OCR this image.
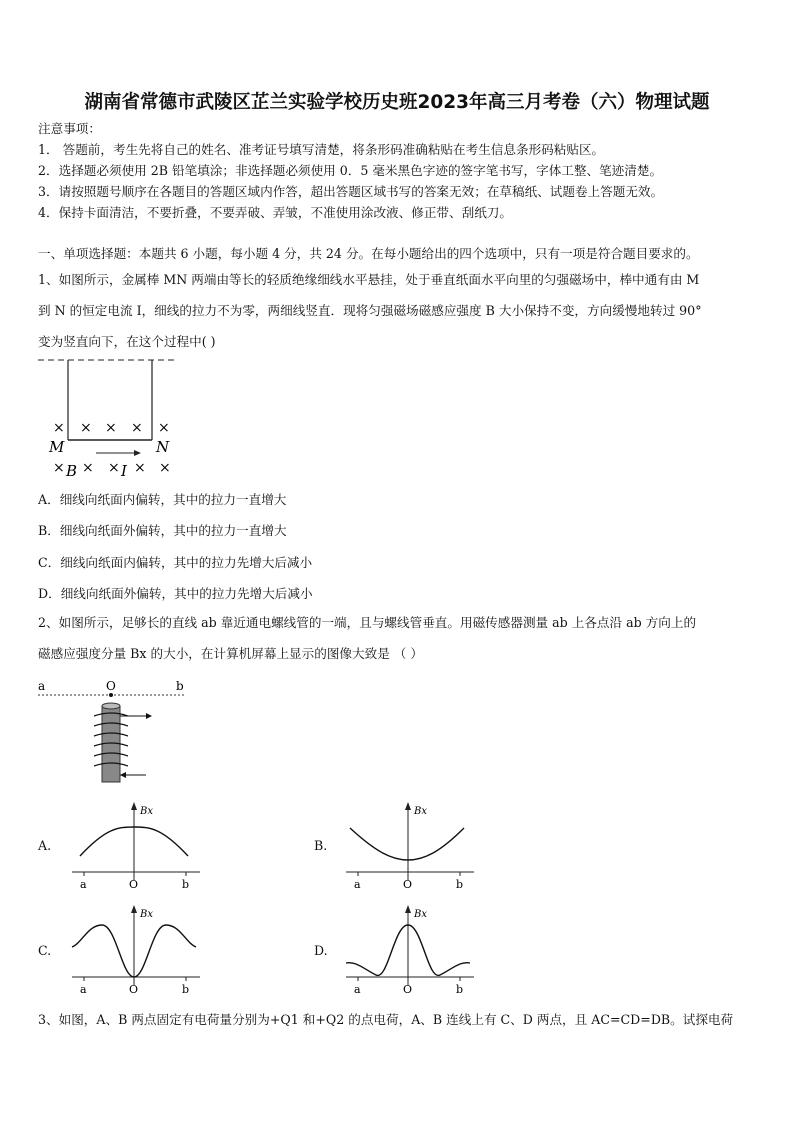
湖南省常德市武陵区芷兰实验学校历史班2023年高三月考卷（六）物理试题
注意事项：
1． 答题前，考生先将自己的姓名、准考证号填写清楚，将条形码准确粘贴在考生信息条形码粘贴区。
2．选择题必须使用 2B 铅笔填涂；非选择题必须使用 0．5 毫米黑色字迹的签字笔书写，字体工整、笔迹清楚。
3．请按照题号顺序在各题目的答题区域内作答，超出答题区域书写的答案无效；在草稿纸、试题卷上答题无效。
4．保持卡面清洁，不要折叠，不要弄破、弄皱，不准使用涂改液、修正带、刮纸刀。
一、单项选择题：本题共 6 小题，每小题 4 分，共 24 分。在每小题给出的四个选项中，只有一项是符合题目要求的。
1、如图所示，金属棒 MN 两端由等长的轻质绝缘细线水平悬挂，处于垂直纸面水平向里的匀强磁场中，棒中通有由 M
到 N 的恒定电流 I，细线的拉力不为零，两细线竖直．现将匀强磁场磁感应强度 B 大小保持不变，方向缓慢地转过 90°
变为竖直向下，在这个过程中( )
× × × × ×
M	N
× B × × I × ×
A．细线向纸面内偏转，其中的拉力一直增大
B．细线向纸面外偏转，其中的拉力一直增大
C．细线向纸面内偏转，其中的拉力先增大后减小
D．细线向纸面外偏转，其中的拉力先增大后减小
2、如图所示，足够长的直线 ab 靠近通电螺线管的一端，且与螺线管垂直。用磁传感器测量 ab 上各点沿 ab 方向上的
磁感应强度分量 Bx 的大小，在计算机屏幕上显示的图像大致是 （ ）
a	O	b
A.
Bx
a	O	b
B.
Bx
a	O	b
C.
Bx
a	O	b
D.
Bx
a	O	b
3、如图，A、B 两点固定有电荷量分别为+Q1 和+Q2 的点电荷，A、B 连线上有 C、D 两点，且 AC=CD=DB。试探电荷
